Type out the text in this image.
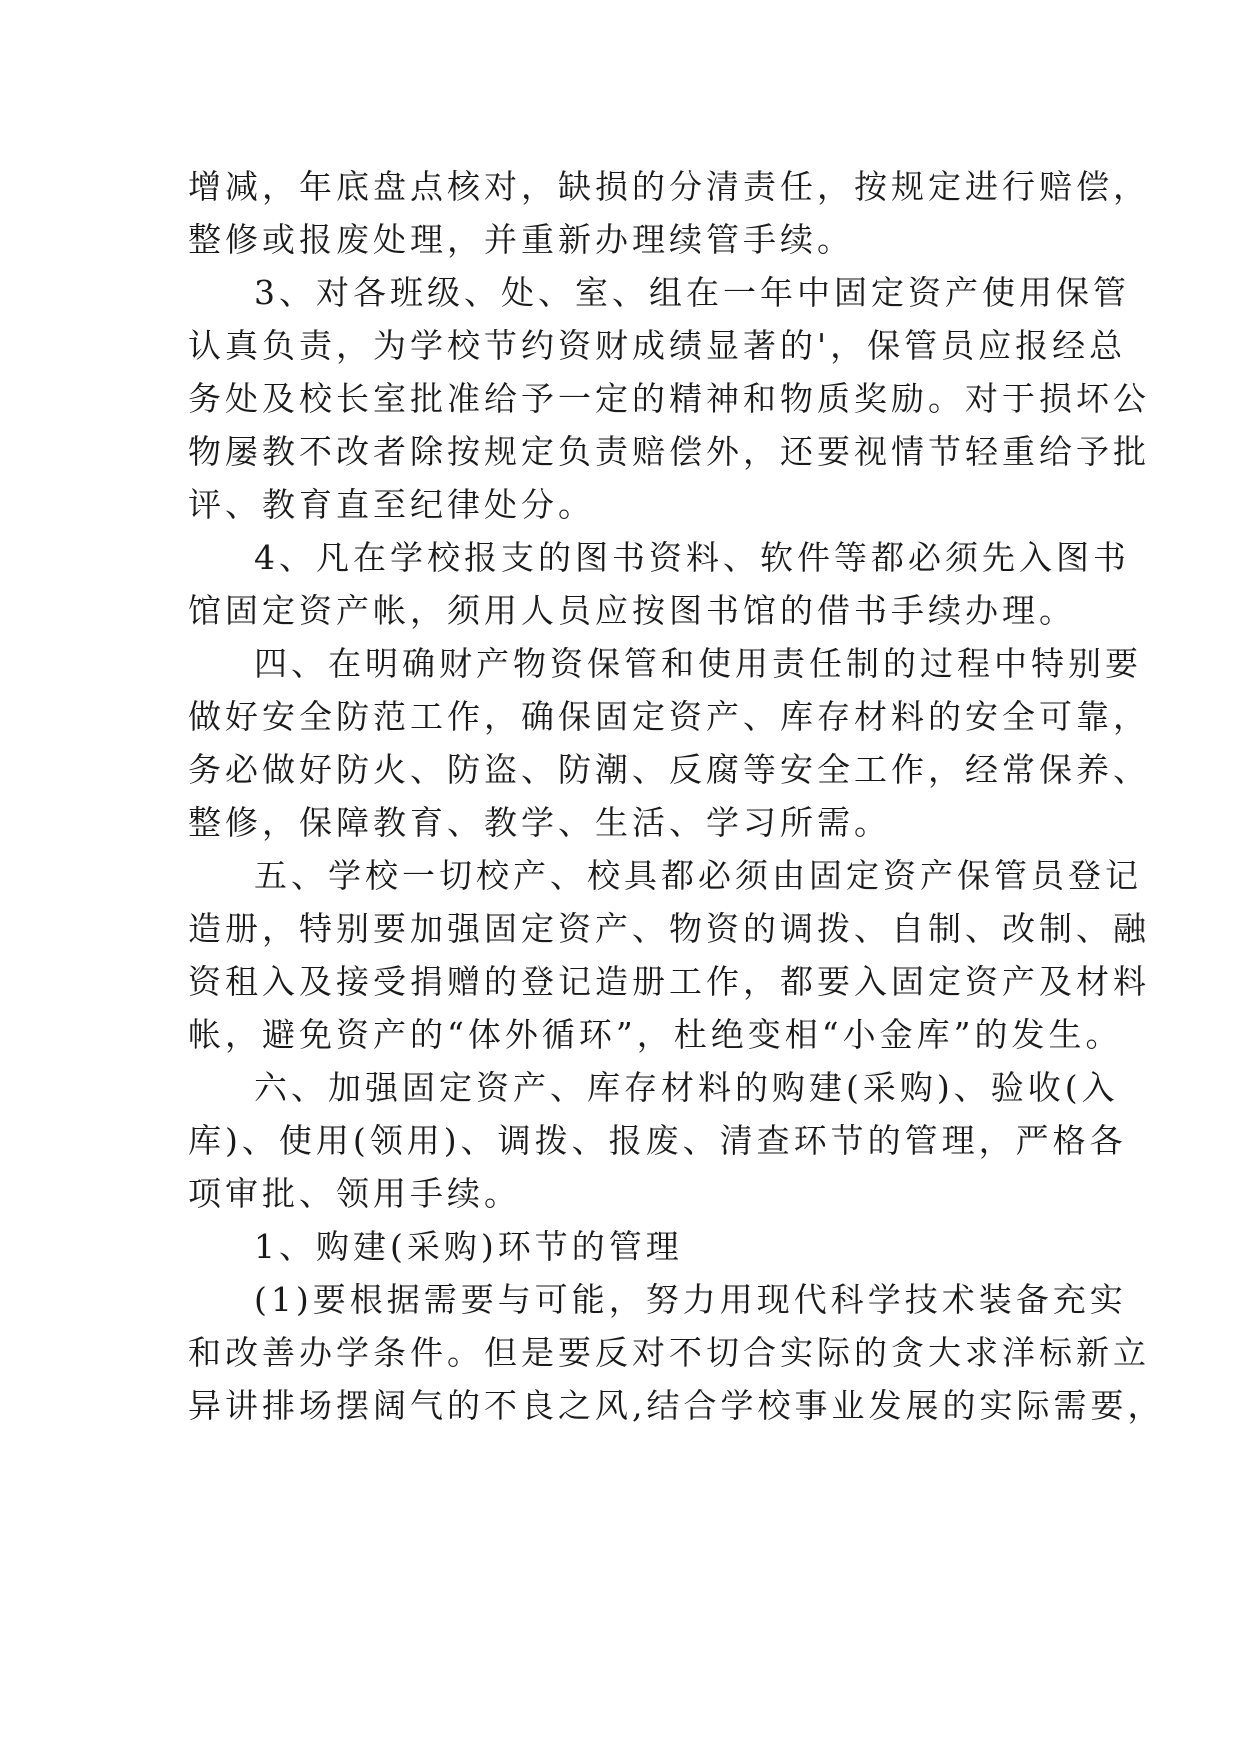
增减，年底盘点核对，缺损的分清责任，按规定进行赔偿，
整修或报废处理，并重新办理续管手续。
3、对各班级、处、室、组在一年中固定资产使用保管
认真负责，为学校节约资财成绩显著的'，保管员应报经总
务处及校长室批准给予一定的精神和物质奖励。对于损坏公
物屡教不改者除按规定负责赔偿外，还要视情节轻重给予批
评、教育直至纪律处分。
4、凡在学校报支的图书资料、软件等都必须先入图书
馆固定资产帐，须用人员应按图书馆的借书手续办理。
四、在明确财产物资保管和使用责任制的过程中特别要
做好安全防范工作，确保固定资产、库存材料的安全可靠，
务必做好防火、防盗、防潮、反腐等安全工作，经常保养、
整修，保障教育、教学、生活、学习所需。
五、学校一切校产、校具都必须由固定资产保管员登记
造册，特别要加强固定资产、物资的调拨、自制、改制、融
资租入及接受捐赠的登记造册工作，都要入固定资产及材料
帐，避免资产的“体外循环”，杜绝变相“小金库”的发生。
六、加强固定资产、库存材料的购建(采购)、验收(入
库)、使用(领用)、调拨、报废、清查环节的管理，严格各
项审批、领用手续。
1、购建(采购)环节的管理
(1)要根据需要与可能，努力用现代科学技术装备充实
和改善办学条件。但是要反对不切合实际的贪大求洋标新立
异讲排场摆阔气的不良之风,结合学校事业发展的实际需要，
